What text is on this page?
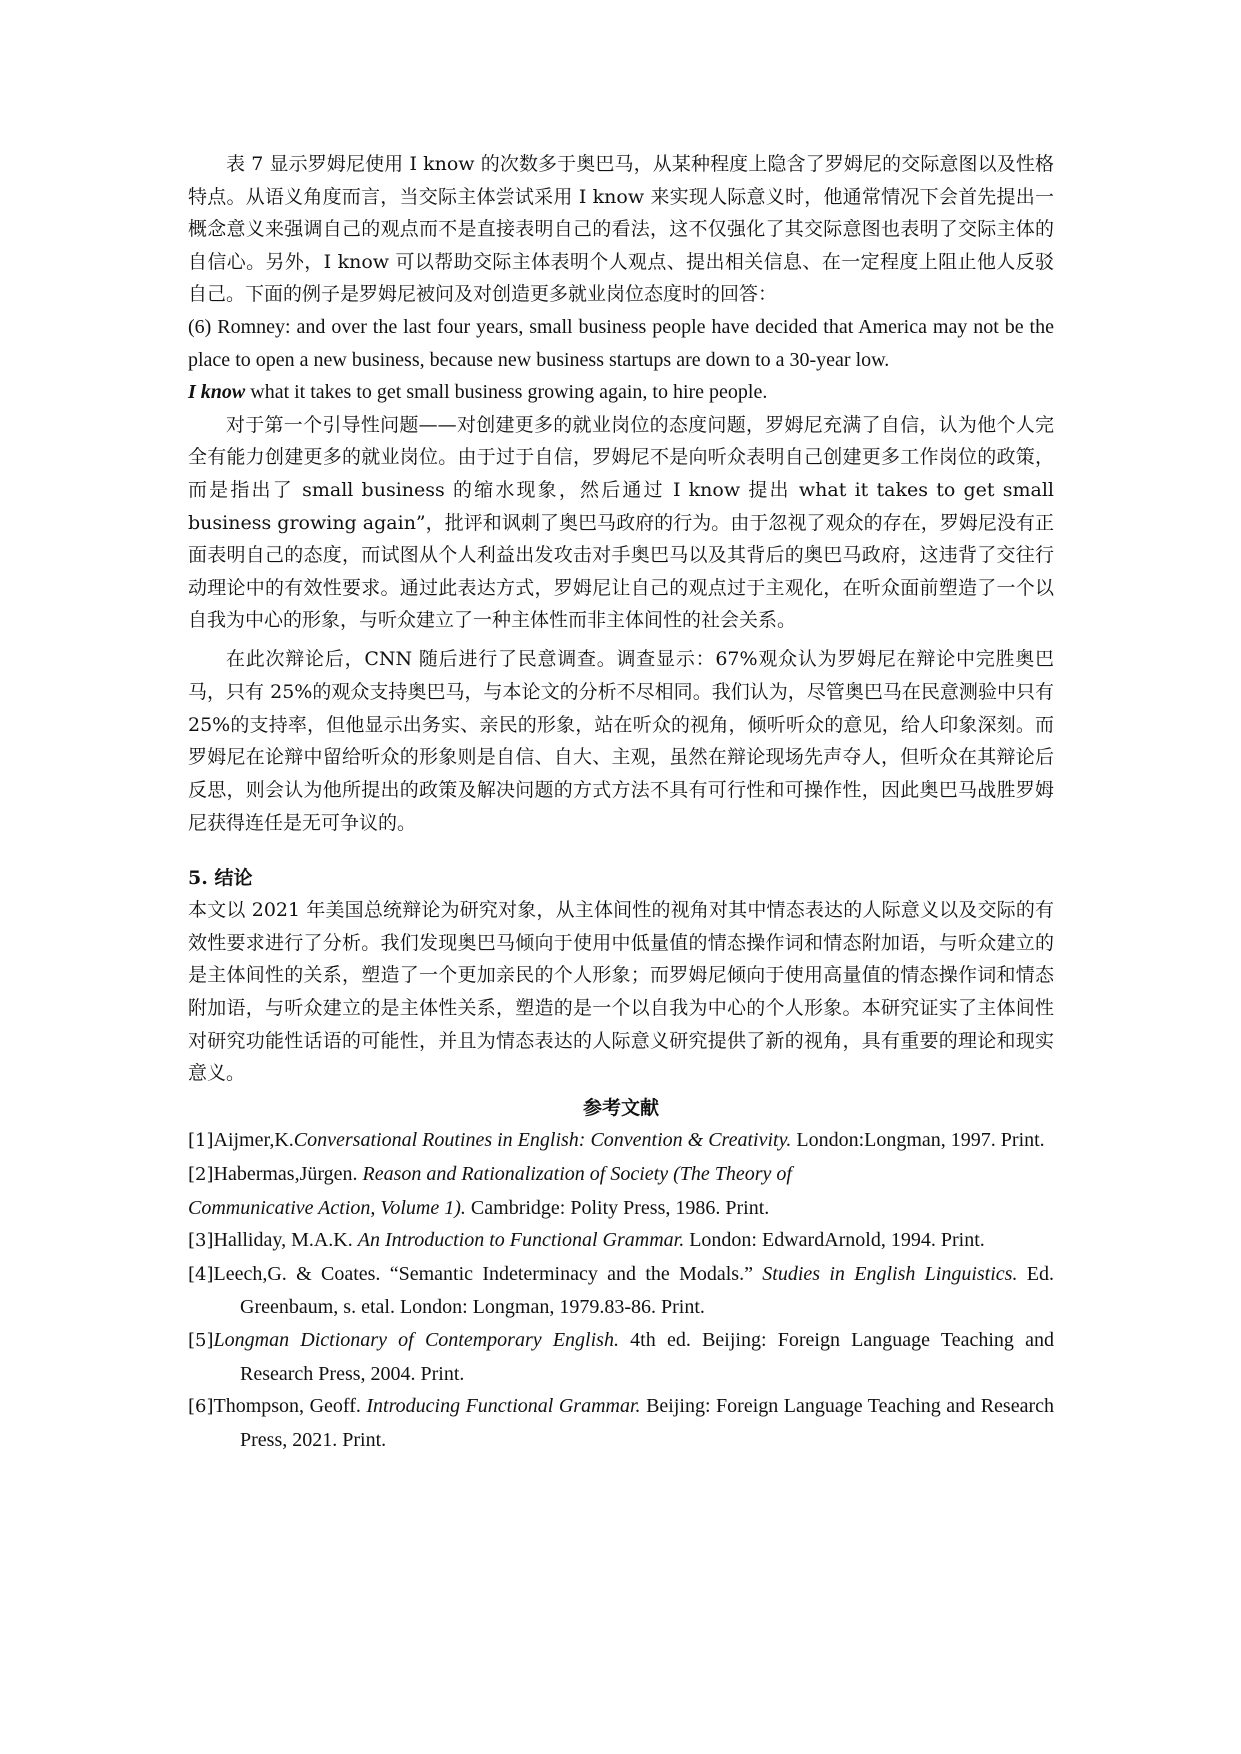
表 7 显示罗姆尼使用 I know 的次数多于奥巴马，从某种程度上隐含了罗姆尼的交际意图以及性格特点。从语义角度而言，当交际主体尝试采用 I know 来实现人际意义时，他通常情况下会首先提出一概念意义来强调自己的观点而不是直接表明自己的看法，这不仅强化了其交际意图也表明了交际主体的自信心。另外，I know 可以帮助交际主体表明个人观点、提出相关信息、在一定程度上阻止他人反驳自己。下面的例子是罗姆尼被问及对创造更多就业岗位态度时的回答：

(6) Romney: and over the last four years, small business people have decided that America may not be the place to open a new business, because new business startups are down to a 30-year low.
I know what it takes to get small business growing again, to hire people.

对于第一个引导性问题——对创建更多的就业岗位的态度问题，罗姆尼充满了自信，认为他个人完全有能力创建更多的就业岗位。由于过于自信，罗姆尼不是向听众表明自己创建更多工作岗位的政策，而是指出了 small business 的缩水现象，然后通过 I know 提出 what it takes to get small business growing again”，批评和讽刺了奥巴马政府的行为。由于忽视了观众的存在，罗姆尼没有正面表明自己的态度，而试图从个人利益出发攻击对手奥巴马以及其背后的奥巴马政府，这违背了交往行动理论中的有效性要求。通过此表达方式，罗姆尼让自己的观点过于主观化，在听众面前塑造了一个以自我为中心的形象，与听众建立了一种主体性而非主体间性的社会关系。

在此次辩论后，CNN 随后进行了民意调查。调查显示：67%观众认为罗姆尼在辩论中完胜奥巴马，只有 25%的观众支持奥巴马，与本论文的分析不尽相同。我们认为，尽管奥巴马在民意测验中只有 25%的支持率，但他显示出务实、亲民的形象，站在听众的视角，倾听听众的意见，给人印象深刻。而罗姆尼在论辩中留给听众的形象则是自信、自大、主观，虽然在辩论现场先声夺人，但听众在其辩论后反思，则会认为他所提出的政策及解决问题的方式方法不具有可行性和可操作性，因此奥巴马战胜罗姆尼获得连任是无可争议的。

5. 结论

本文以 2021 年美国总统辩论为研究对象，从主体间性的视角对其中情态表达的人际意义以及交际的有效性要求进行了分析。我们发现奥巴马倾向于使用中低量值的情态操作词和情态附加语，与听众建立的是主体间性的关系，塑造了一个更加亲民的个人形象；而罗姆尼倾向于使用高量值的情态操作词和情态附加语，与听众建立的是主体性关系，塑造的是一个以自我为中心的个人形象。本研究证实了主体间性对研究功能性话语的可能性，并且为情态表达的人际意义研究提供了新的视角，具有重要的理论和现实意义。

参考文献

[1]Aijmer,K.Conversational Routines in English: Convention & Creativity. London:Longman, 1997. Print.

[2]Habermas,Jürgen. Reason and Rationalization of Society (The Theory of

Communicative Action, Volume 1). Cambridge: Polity Press, 1986. Print.

[3]Halliday, M.A.K. An Introduction to Functional Grammar. London: EdwardArnold, 1994. Print.

[4]Leech,G. & Coates. “Semantic Indeterminacy and the Modals.” Studies in English Linguistics. Ed. Greenbaum, s. etal. London: Longman, 1979.83-86. Print.

[5]Longman Dictionary of Contemporary English. 4th ed. Beijing: Foreign Language Teaching and Research Press, 2004. Print.

[6]Thompson, Geoff. Introducing Functional Grammar. Beijing: Foreign Language Teaching and Research Press, 2021. Print.
